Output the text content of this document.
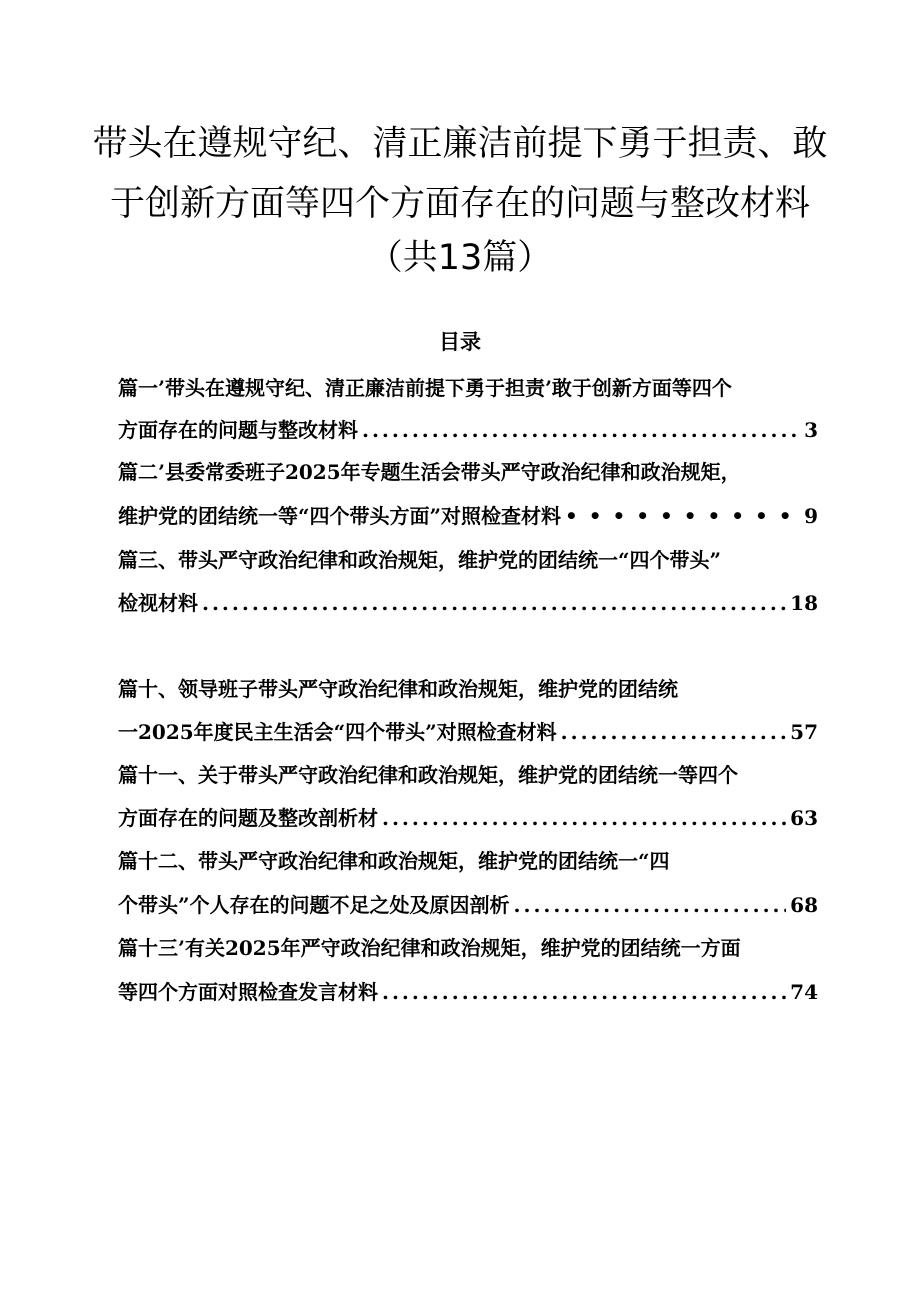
带头在遵规守纪、清正廉洁前提下勇于担责、敢
于创新方面等四个方面存在的问题与整改材料
（共13篇）
目录
篇一’带头在遵规守纪、清正廉洁前提下勇于担责’敢于创新方面等四个
方面存在的问题与整改材料 .....	3
篇二’县委常委班子2025年专题生活会带头严守政治纪律和政治规矩，
维护党的团结统一等“四个带头方面”对照检查材料 • • •	9
篇三、带头严守政治纪律和政治规矩，维护党的团结统一“四个带头”
检视材料 .....	18
篇十、领导班子带头严守政治纪律和政治规矩，维护党的团结统
一2025年度民主生活会“四个带头”对照检查材料 .....	57
篇十一、关于带头严守政治纪律和政治规矩，维护党的团结统一等四个
方面存在的问题及整改剖析材 .....	63
篇十二、带头严守政治纪律和政治规矩，维护党的团结统一“四
个带头”个人存在的问题不足之处及原因剖析 .....	68
篇十三’有关2025年严守政治纪律和政治规矩，维护党的团结统一方面
等四个方面对照检查发言材料 .....	74
